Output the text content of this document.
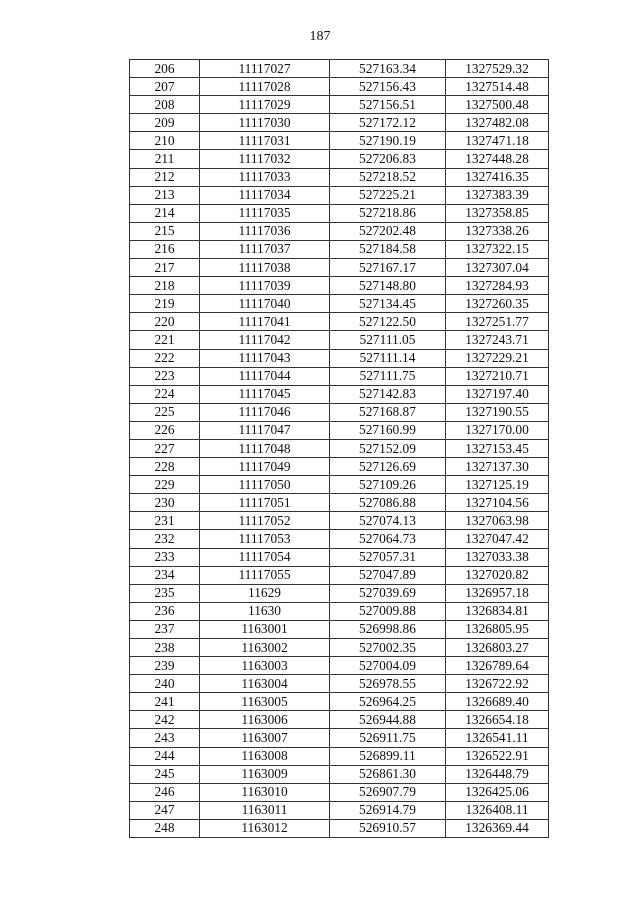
187
206	11117027	527163.34	1327529.32
207	11117028	527156.43	1327514.48
208	11117029	527156.51	1327500.48
209	11117030	527172.12	1327482.08
210	11117031	527190.19	1327471.18
211	11117032	527206.83	1327448.28
212	11117033	527218.52	1327416.35
213	11117034	527225.21	1327383.39
214	11117035	527218.86	1327358.85
215	11117036	527202.48	1327338.26
216	11117037	527184.58	1327322.15
217	11117038	527167.17	1327307.04
218	11117039	527148.80	1327284.93
219	11117040	527134.45	1327260.35
220	11117041	527122.50	1327251.77
221	11117042	527111.05	1327243.71
222	11117043	527111.14	1327229.21
223	11117044	527111.75	1327210.71
224	11117045	527142.83	1327197.40
225	11117046	527168.87	1327190.55
226	11117047	527160.99	1327170.00
227	11117048	527152.09	1327153.45
228	11117049	527126.69	1327137.30
229	11117050	527109.26	1327125.19
230	11117051	527086.88	1327104.56
231	11117052	527074.13	1327063.98
232	11117053	527064.73	1327047.42
233	11117054	527057.31	1327033.38
234	11117055	527047.89	1327020.82
235	11629	527039.69	1326957.18
236	11630	527009.88	1326834.81
237	1163001	526998.86	1326805.95
238	1163002	527002.35	1326803.27
239	1163003	527004.09	1326789.64
240	1163004	526978.55	1326722.92
241	1163005	526964.25	1326689.40
242	1163006	526944.88	1326654.18
243	1163007	526911.75	1326541.11
244	1163008	526899.11	1326522.91
245	1163009	526861.30	1326448.79
246	1163010	526907.79	1326425.06
247	1163011	526914.79	1326408.11
248	1163012	526910.57	1326369.44
